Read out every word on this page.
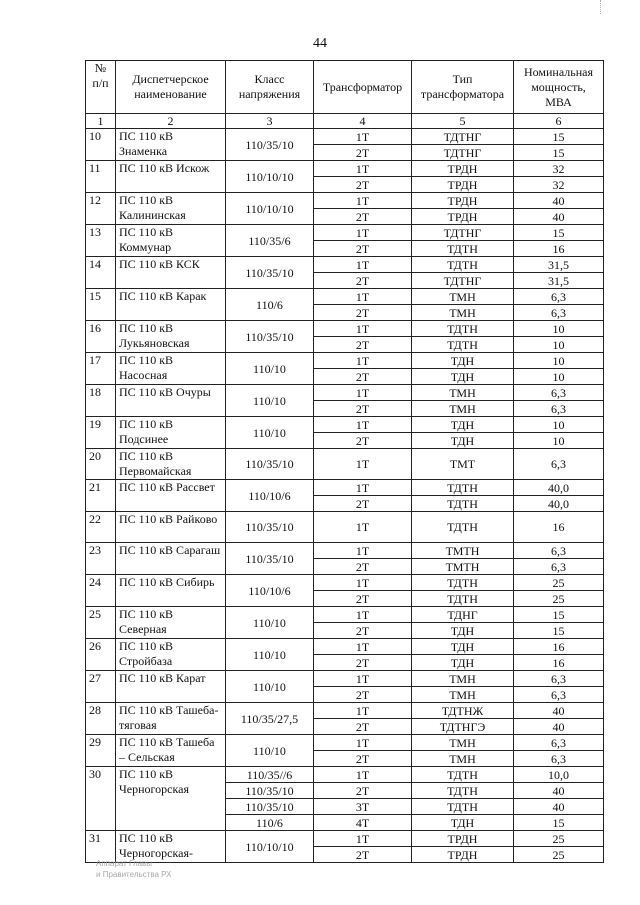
44
№ п/п	Диспетчерское наименование	Класс напряжения	Трансформатор	Тип трансформатора	Номинальная мощность, МВА
1	2	3	4	5	6
10	ПС 110 кВ Знаменка	110/35/10	1Т	ТДТНГ	15
			2Т	ТДТНГ	15
11	ПС 110 кВ Искож	110/10/10	1Т	ТРДН	32
			2Т	ТРДН	32
12	ПС 110 кВ Калининская	110/10/10	1Т	ТРДН	40
			2Т	ТРДН	40
13	ПС 110 кВ Коммунар	110/35/6	1Т	ТДТНГ	15
			2Т	ТДТН	16
14	ПС 110 кВ КСК	110/35/10	1Т	ТДТН	31,5
			2Т	ТДТНГ	31,5
15	ПС 110 кВ Карак	110/6	1Т	ТМН	6,3
			2Т	ТМН	6,3
16	ПС 110 кВ Лукьяновская	110/35/10	1Т	ТДТН	10
			2Т	ТДТН	10
17	ПС 110 кВ Насосная	110/10	1Т	ТДН	10
			2Т	ТДН	10
18	ПС 110 кВ Очуры	110/10	1Т	ТМН	6,3
			2Т	ТМН	6,3
19	ПС 110 кВ Подсинее	110/10	1Т	ТДН	10
			2Т	ТДН	10
20	ПС 110 кВ Первомайская	110/35/10	1Т	ТМТ	6,3
21	ПС 110 кВ Рассвет	110/10/6	1Т	ТДТН	40,0
			2Т	ТДТН	40,0
22	ПС 110 кВ Райково	110/35/10	1Т	ТДТН	16
23	ПС 110 кВ Сарагаш	110/35/10	1Т	ТМТН	6,3
			2Т	ТМТН	6,3
24	ПС 110 кВ Сибирь	110/10/6	1Т	ТДТН	25
			2Т	ТДТН	25
25	ПС 110 кВ Северная	110/10	1Т	ТДНГ	15
			2Т	ТДН	15
26	ПС 110 кВ Стройбаза	110/10	1Т	ТДН	16
			2Т	ТДН	16
27	ПС 110 кВ Карат	110/10	1Т	ТМН	6,3
			2Т	ТМН	6,3
28	ПС 110 кВ Ташеба-тяговая	110/35/27,5	1Т	ТДТНЖ	40
			2Т	ТДТНГЭ	40
29	ПС 110 кВ Ташеба – Сельская	110/10	1Т	ТМН	6,3
			2Т	ТМН	6,3
30	ПС 110 кВ Черногорская	110/35//6	1Т	ТДТН	10,0
		110/35/10	2Т	ТДТН	40
		110/35/10	3Т	ТДТН	40
		110/6	4Т	ТДН	15
31	ПС 110 кВ Черногорская-	110/10/10	1Т	ТРДН	25
			2Т	ТРДН	25
Аппарат Главы
и Правительства РХ
